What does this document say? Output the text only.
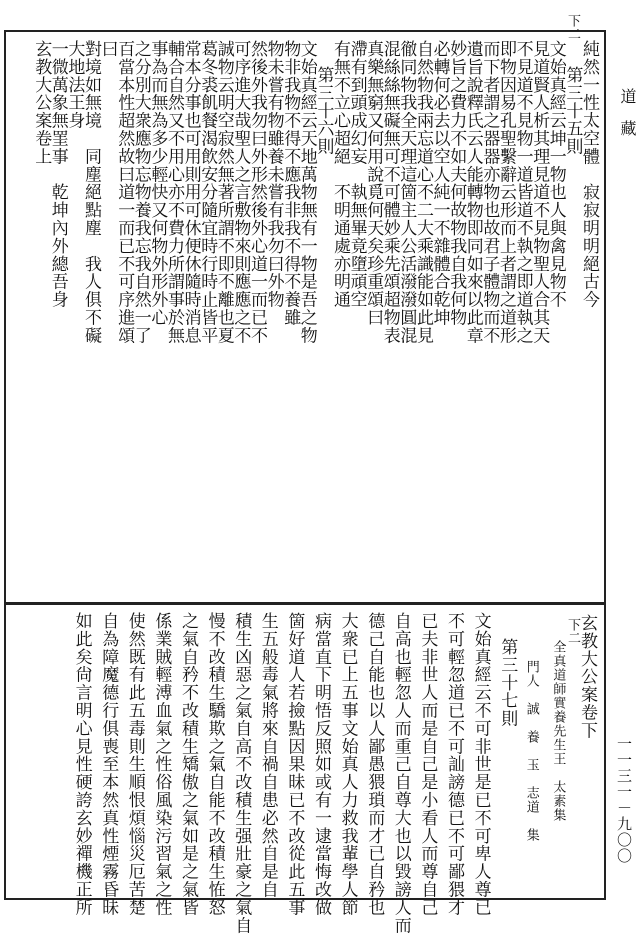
道
藏
一一三一－九〇〇
下二
下二
純然一性太空體　寂寂明明絕古今
第三十五則
文始真經云坤一物也人與禽見物不
見道賢人析其理見道不見物聖人合其天
不見道不見物一道皆道不執之即道執之
即物因易孔聖繫辭云形而上者謂之道形
而下者謂之器器亦物也故君子體物而不
遺旨說釋氏云人能轉物即同如來以此章
妙旨之費力不如夫何故物我自我何物
必轉何必去以空人純一不雜體合乾坤
自然物我兩忘道心不二大乘識能如此見
徹同物我全天理這箇主人公活潑潑圓混
混絲絲無礙無可不可體妙乘先頌超物表
真樂無窮又何用說覓何天矣珍重頌曰
滯有到頭成幻妄　執無畢竟墮頑空
有無不立心超絕　不明通處亦明通
第三十六則
文始真經云天地萬物無有一物是吾之物
物非我物不得不應我非我不得不養雖
物未嘗有物雖養未嘗有我勿曰外物
然後外我勿曰外形然後外心道一而已不
可序進大哉聖人之言敷物來則應應之不
誠物云明空寂然無著所謂不即不離也夏
葛冬裘飢餐渴飲安分隨宜時行時止皆平
常本分事也可用則用可休便休隨時消息
輔合自然又不用心亦不費力所謂事於無
事為而無為多少輕快又何物外形外心
之分別大衆應物忘物養我忘我自然一了
百當本性超然故曰道一而已不可序進頌
曰
對境如無境　同塵絕點塵　我人俱不礙
大地法王身
一微萬象無罣事　乾坤內外總吾身
玄教大公案卷上
玄教大公案卷下
全真道師實養先生王　太素集
門人　誠　養　玉　志道　集
第三十七則
文始真經云不可非世是已不可卑人尊已
不可輕忽道已不可訕謗德已不可鄙猥才
已夫非世人而是自己是小看人而尊自己
自高也輕忽人而重己自尊大也以毀謗人而
德己自能也以人鄙愚猥瑣而才已自矜也
大衆已上五事文始真人力救我輩學人節
病當直下明悟反照如或有一逮當悔改做
箇好道人若撿點因果昧已不改從此五事
生五般毒氣將來自禍自患必然自是自
積生凶惡之氣自高不改積生强壯豪之氣自
慢不改積生驕欺之氣自能不改積生恠怒
之氣自矜不改積生矯傲之氣如是之氣皆
係業賊輕溥血氣之性俗風染污習氣之性
使然既有此五毒則生順恨煩惱災厄苦楚
自為障魔德行俱喪至本然真性煙霧昏昧
如此矣尙言明心見性硬誇玄妙禪機正所
